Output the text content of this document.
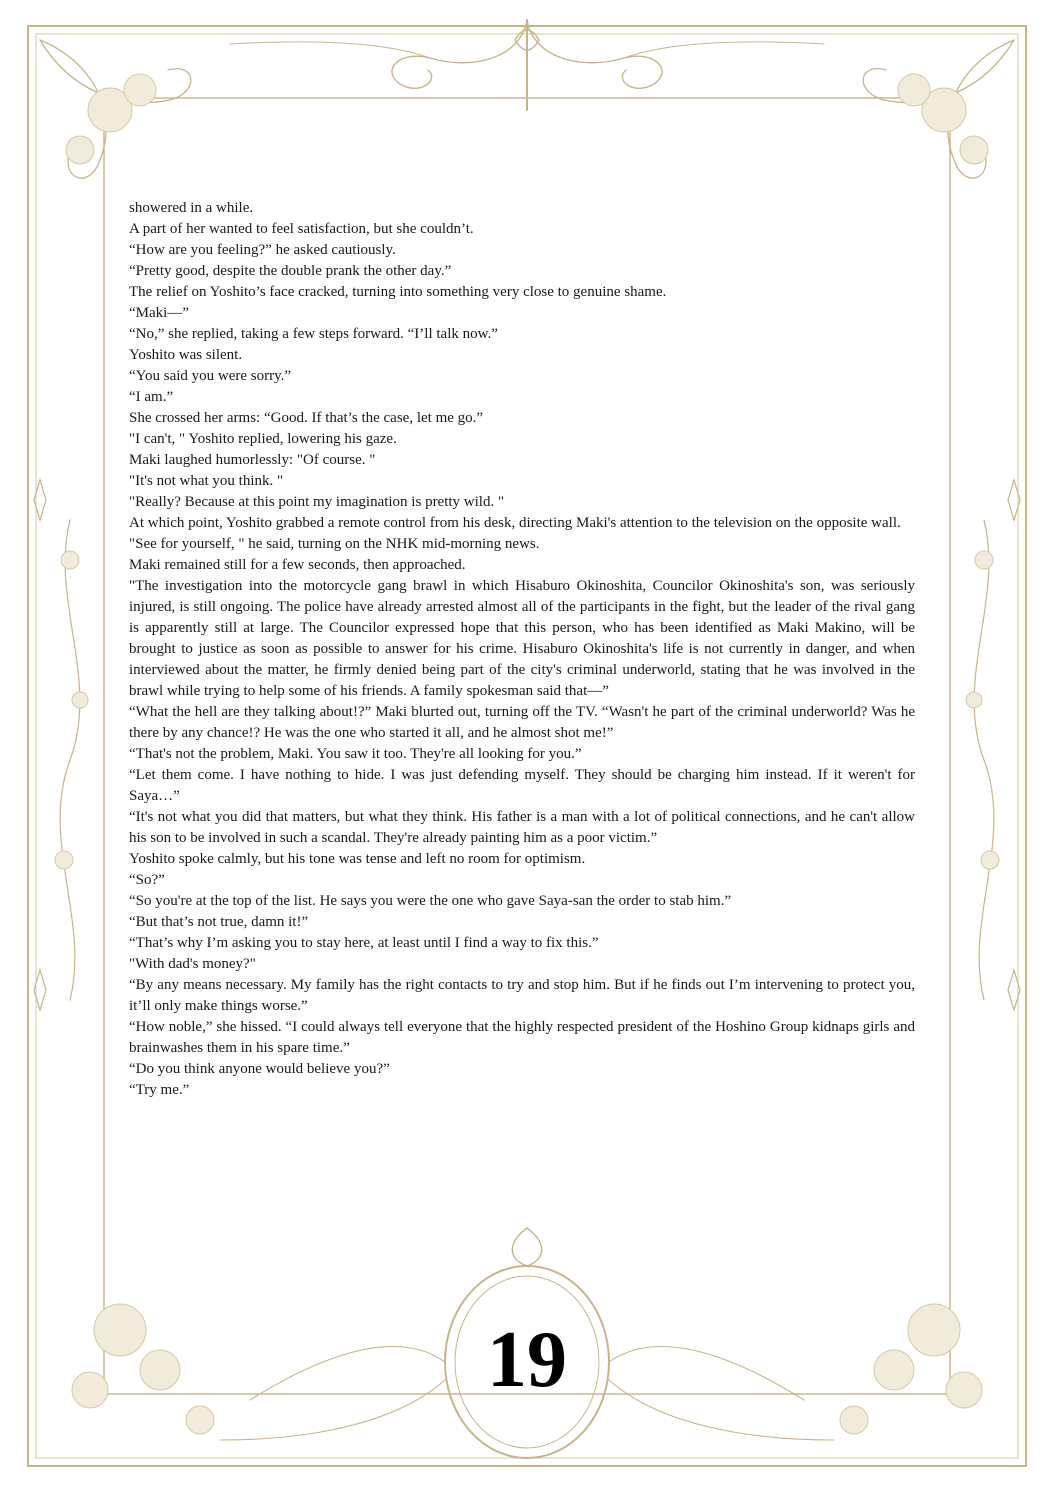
showered in a while.

A part of her wanted to feel satisfaction, but she couldn’t.

“How are you feeling?” he asked cautiously.

“Pretty good, despite the double prank the other day.”

The relief on Yoshito’s face cracked, turning into something very close to genuine shame.

“Maki—”

“No,” she replied, taking a few steps forward. “I’ll talk now.”

Yoshito was silent.

“You said you were sorry.”

“I am.”

She crossed her arms: “Good. If that’s the case, let me go.”

"I can't, " Yoshito replied, lowering his gaze.

Maki laughed humorlessly: "Of course. "

"It's not what you think. "

"Really? Because at this point my imagination is pretty wild. "

At which point, Yoshito grabbed a remote control from his desk, directing Maki's attention to the television on the opposite wall.

"See for yourself, " he said, turning on the NHK mid-morning news.

Maki remained still for a few seconds, then approached.

"The investigation into the motorcycle gang brawl in which Hisaburo Okinoshita, Councilor Okinoshita's son, was seriously injured, is still ongoing. The police have already arrested almost all of the participants in the fight, but the leader of the rival gang is apparently still at large. The Councilor expressed hope that this person, who has been identified as Maki Makino, will be brought to justice as soon as possible to answer for his crime. Hisaburo Okinoshita's life is not currently in danger, and when interviewed about the matter, he firmly denied being part of the city's criminal underworld, stating that he was involved in the brawl while trying to help some of his friends. A family spokesman said that—”

“What the hell are they talking about!?” Maki blurted out, turning off the TV. “Wasn't he part of the criminal underworld? Was he there by any chance!? He was the one who started it all, and he almost shot me!”

“That's not the problem, Maki. You saw it too. They're all looking for you.”

“Let them come. I have nothing to hide. I was just defending myself. They should be charging him instead. If it weren't for Saya…”

“It's not what you did that matters, but what they think. His father is a man with a lot of political connections, and he can't allow his son to be involved in such a scandal. They're already painting him as a poor victim.”

Yoshito spoke calmly, but his tone was tense and left no room for optimism.

“So?”

“So you're at the top of the list. He says you were the one who gave Saya-san the order to stab him.”

“But that’s not true, damn it!”

“That’s why I’m asking you to stay here, at least until I find a way to fix this.”

"With dad's money?"

“By any means necessary. My family has the right contacts to try and stop him. But if he finds out I’m intervening to protect you, it’ll only make things worse.”

“How noble,” she hissed. “I could always tell everyone that the highly respected president of the Hoshino Group kidnaps girls and brainwashes them in his spare time.”

“Do you think anyone would believe you?”

“Try me.”

19
